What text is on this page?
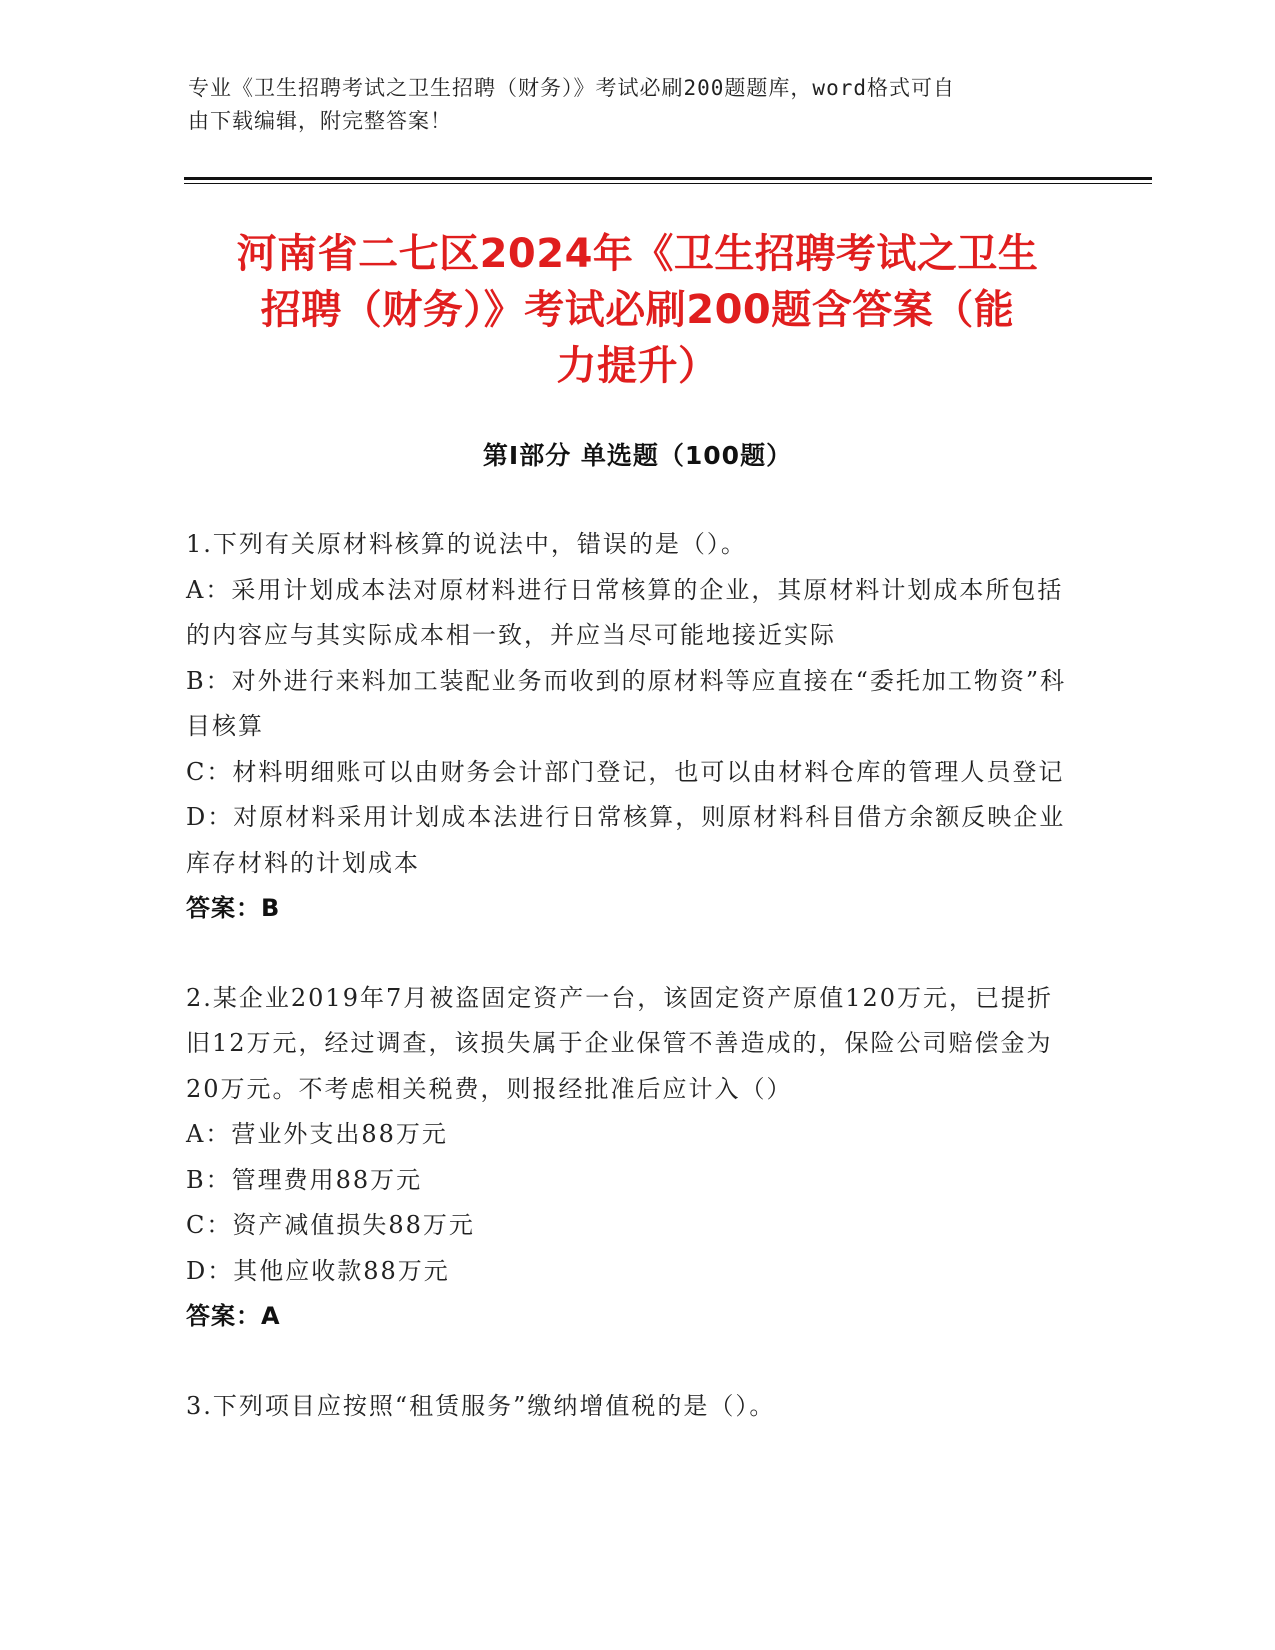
专业《卫生招聘考试之卫生招聘（财务）》考试必刷200题题库，word格式可自
由下载编辑，附完整答案！
河南省二七区2024年《卫生招聘考试之卫生
招聘（财务）》考试必刷200题含答案（能
力提升）
第I部分 单选题（100题）
1.下列有关原材料核算的说法中，错误的是（）。
A：采用计划成本法对原材料进行日常核算的企业，其原材料计划成本所包括的内容应与其实际成本相一致，并应当尽可能地接近实际
B：对外进行来料加工装配业务而收到的原材料等应直接在“委托加工物资”科目核算
C：材料明细账可以由财务会计部门登记，也可以由材料仓库的管理人员登记
D：对原材料采用计划成本法进行日常核算，则原材料科目借方余额反映企业库存材料的计划成本
答案：B
2.某企业2019年7月被盗固定资产一台，该固定资产原值120万元，已提折旧12万元，经过调查，该损失属于企业保管不善造成的，保险公司赔偿金为20万元。不考虑相关税费，则报经批准后应计入（）
A：营业外支出88万元
B：管理费用88万元
C：资产减值损失88万元
D：其他应收款88万元
答案：A
3.下列项目应按照“租赁服务”缴纳增值税的是（）。
